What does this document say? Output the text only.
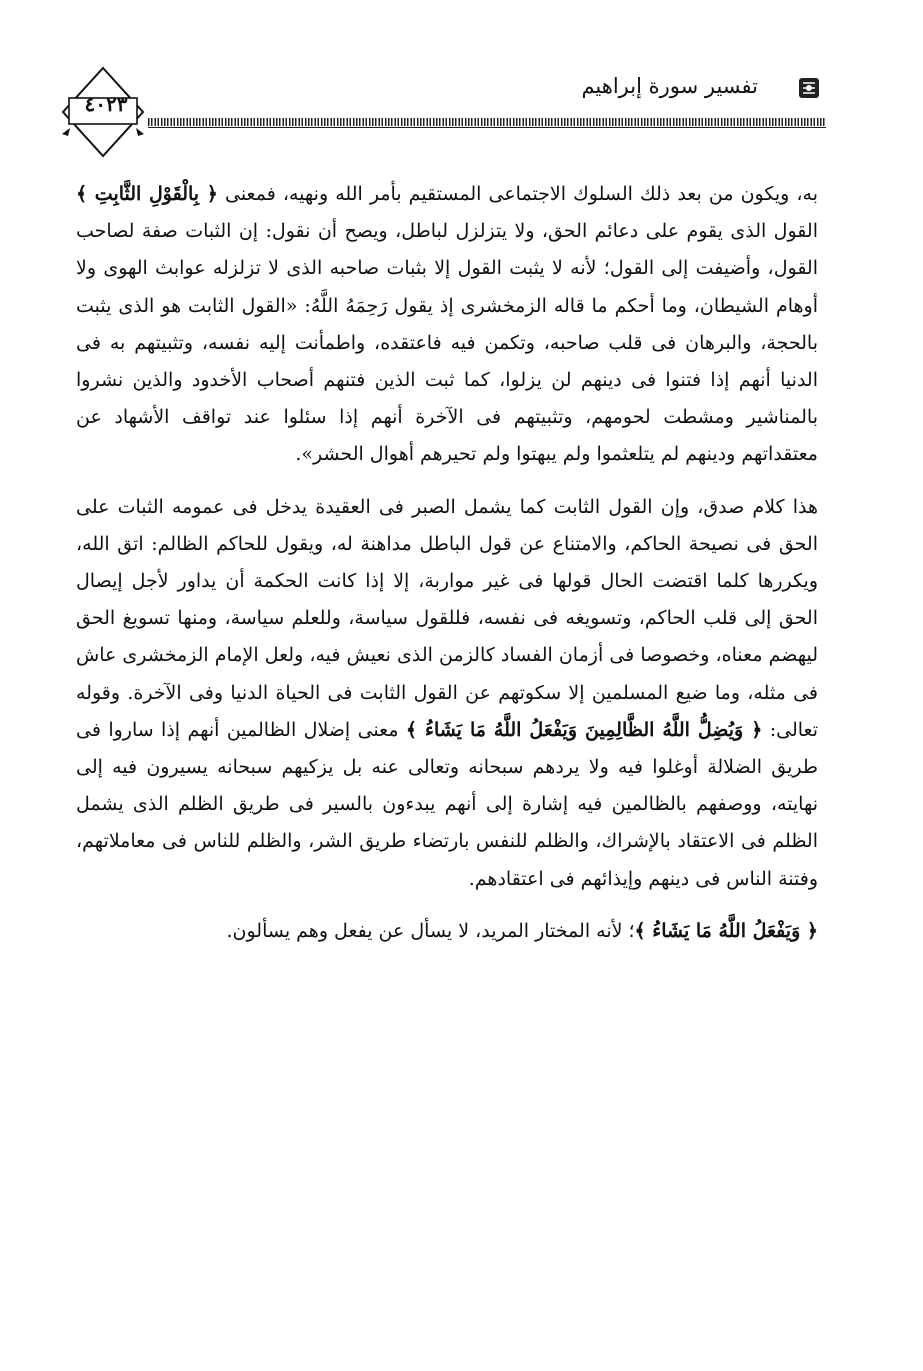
تفسير سورة إبراهيم
٤٠٢٣

به، ويكون من بعد ذلك السلوك الاجتماعى المستقيم بأمر الله ونهيه، فمعنى ﴿ بِالْقَوْلِ الثَّابِتِ ﴾ القول الذى يقوم على دعائم الحق، ولا يتزلزل لباطل، ويصح أن نقول: إن الثبات صفة لصاحب القول، وأضيفت إلى القول؛ لأنه لا يثبت القول إلا بثبات صاحبه الذى لا تزلزله عوابث الهوى ولا أوهام الشيطان، وما أحكم ما قاله الزمخشرى إذ يقول رَحِمَهُ اللَّهُ: «القول الثابت هو الذى يثبت بالحجة، والبرهان فى قلب صاحبه، وتكمن فيه فاعتقده، واطمأنت إليه نفسه، وتثبيتهم به فى الدنيا أنهم إذا فتنوا فى دينهم لن يزلوا، كما ثبت الذين فتنهم أصحاب الأخدود والذين نشروا بالمناشير ومشطت لحومهم، وتثبيتهم فى الآخرة أنهم إذا سئلوا عند تواقف الأشهاد عن معتقداتهم ودينهم لم يتلعثموا ولم يبهتوا ولم تحيرهم أهوال الحشر».

هذا كلام صدق، وإن القول الثابت كما يشمل الصبر فى العقيدة يدخل فى عمومه الثبات على الحق فى نصيحة الحاكم، والامتناع عن قول الباطل مداهنة له، ويقول للحاكم الظالم: اتق الله، ويكررها كلما اقتضت الحال قولها فى غير مواربة، إلا إذا كانت الحكمة أن يداور لأجل إيصال الحق إلى قلب الحاكم، وتسويغه فى نفسه، فللقول سياسة، وللعلم سياسة، ومنها تسويغ الحق ليهضم معناه، وخصوصا فى أزمان الفساد كالزمن الذى نعيش فيه، ولعل الإمام الزمخشرى عاش فى مثله، وما ضيع المسلمين إلا سكوتهم عن القول الثابت فى الحياة الدنيا وفى الآخرة. وقوله تعالى: ﴿ وَيُضِلُّ اللَّهُ الظَّالِمِينَ وَيَفْعَلُ اللَّهُ مَا يَشَاءُ ﴾ معنى إضلال الظالمين أنهم إذا ساروا فى طريق الضلالة أوغلوا فيه ولا يردهم سبحانه وتعالى عنه بل يزكيهم سبحانه يسيرون فيه إلى نهايته، ووصفهم بالظالمين فيه إشارة إلى أنهم يبدءون بالسير فى طريق الظلم الذى يشمل الظلم فى الاعتقاد بالإشراك، والظلم للنفس بارتضاء طريق الشر، والظلم للناس فى معاملاتهم، وفتنة الناس فى دينهم وإيذائهم فى اعتقادهم.

﴿ وَيَفْعَلُ اللَّهُ مَا يَشَاءُ ﴾؛ لأنه المختار المريد، لا يسأل عن يفعل وهم يسألون.
